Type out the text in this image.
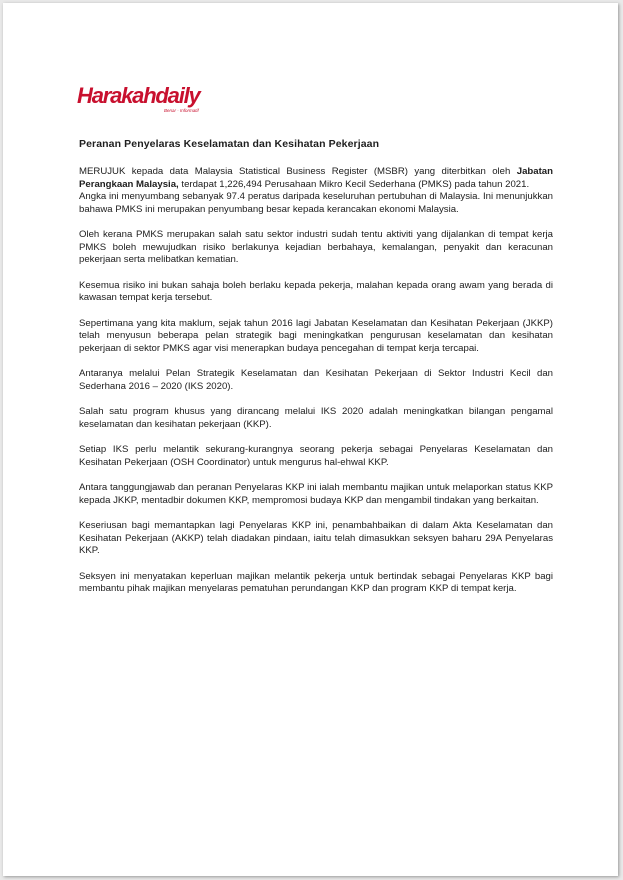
Harakahdaily
Benar · Informatif
Peranan Penyelaras Keselamatan dan Kesihatan Pekerjaan

MERUJUK kepada data Malaysia Statistical Business Register (MSBR) yang diterbitkan oleh Jabatan Perangkaan Malaysia, terdapat 1,226,494 Perusahaan Mikro Kecil Sederhana (PMKS) pada tahun 2021.

Angka ini menyumbang sebanyak 97.4 peratus daripada keseluruhan pertubuhan di Malaysia. Ini menunjukkan bahawa PMKS ini merupakan penyumbang besar kepada kerancakan ekonomi Malaysia.

Oleh kerana PMKS merupakan salah satu sektor industri sudah tentu aktiviti yang dijalankan di tempat kerja PMKS boleh mewujudkan risiko berlakunya kejadian berbahaya, kemalangan, penyakit dan keracunan pekerjaan serta melibatkan kematian.

Kesemua risiko ini bukan sahaja boleh berlaku kepada pekerja, malahan kepada orang awam yang berada di kawasan tempat kerja tersebut.

Sepertimana yang kita maklum, sejak tahun 2016 lagi Jabatan Keselamatan dan Kesihatan Pekerjaan (JKKP) telah menyusun beberapa pelan strategik bagi meningkatkan pengurusan keselamatan dan kesihatan pekerjaan di sektor PMKS agar visi menerapkan budaya pencegahan di tempat kerja tercapai.

Antaranya melalui Pelan Strategik Keselamatan dan Kesihatan Pekerjaan di Sektor Industri Kecil dan Sederhana 2016 – 2020 (IKS 2020).

Salah satu program khusus yang dirancang melalui IKS 2020 adalah meningkatkan bilangan pengamal keselamatan dan kesihatan pekerjaan (KKP).

Setiap IKS perlu melantik sekurang-kurangnya seorang pekerja sebagai Penyelaras Keselamatan dan Kesihatan Pekerjaan (OSH Coordinator) untuk mengurus hal-ehwal KKP.

Antara tanggungjawab dan peranan Penyelaras KKP ini ialah membantu majikan untuk melaporkan status KKP kepada JKKP, mentadbir dokumen KKP, mempromosi budaya KKP dan mengambil tindakan yang berkaitan.

Keseriusan bagi memantapkan lagi Penyelaras KKP ini, penambahbaikan di dalam Akta Keselamatan dan Kesihatan Pekerjaan (AKKP) telah diadakan pindaan, iaitu telah dimasukkan seksyen baharu 29A Penyelaras KKP.

Seksyen ini menyatakan keperluan majikan melantik pekerja untuk bertindak sebagai Penyelaras KKP bagi membantu pihak majikan menyelaras pematuhan perundangan KKP dan program KKP di tempat kerja.
